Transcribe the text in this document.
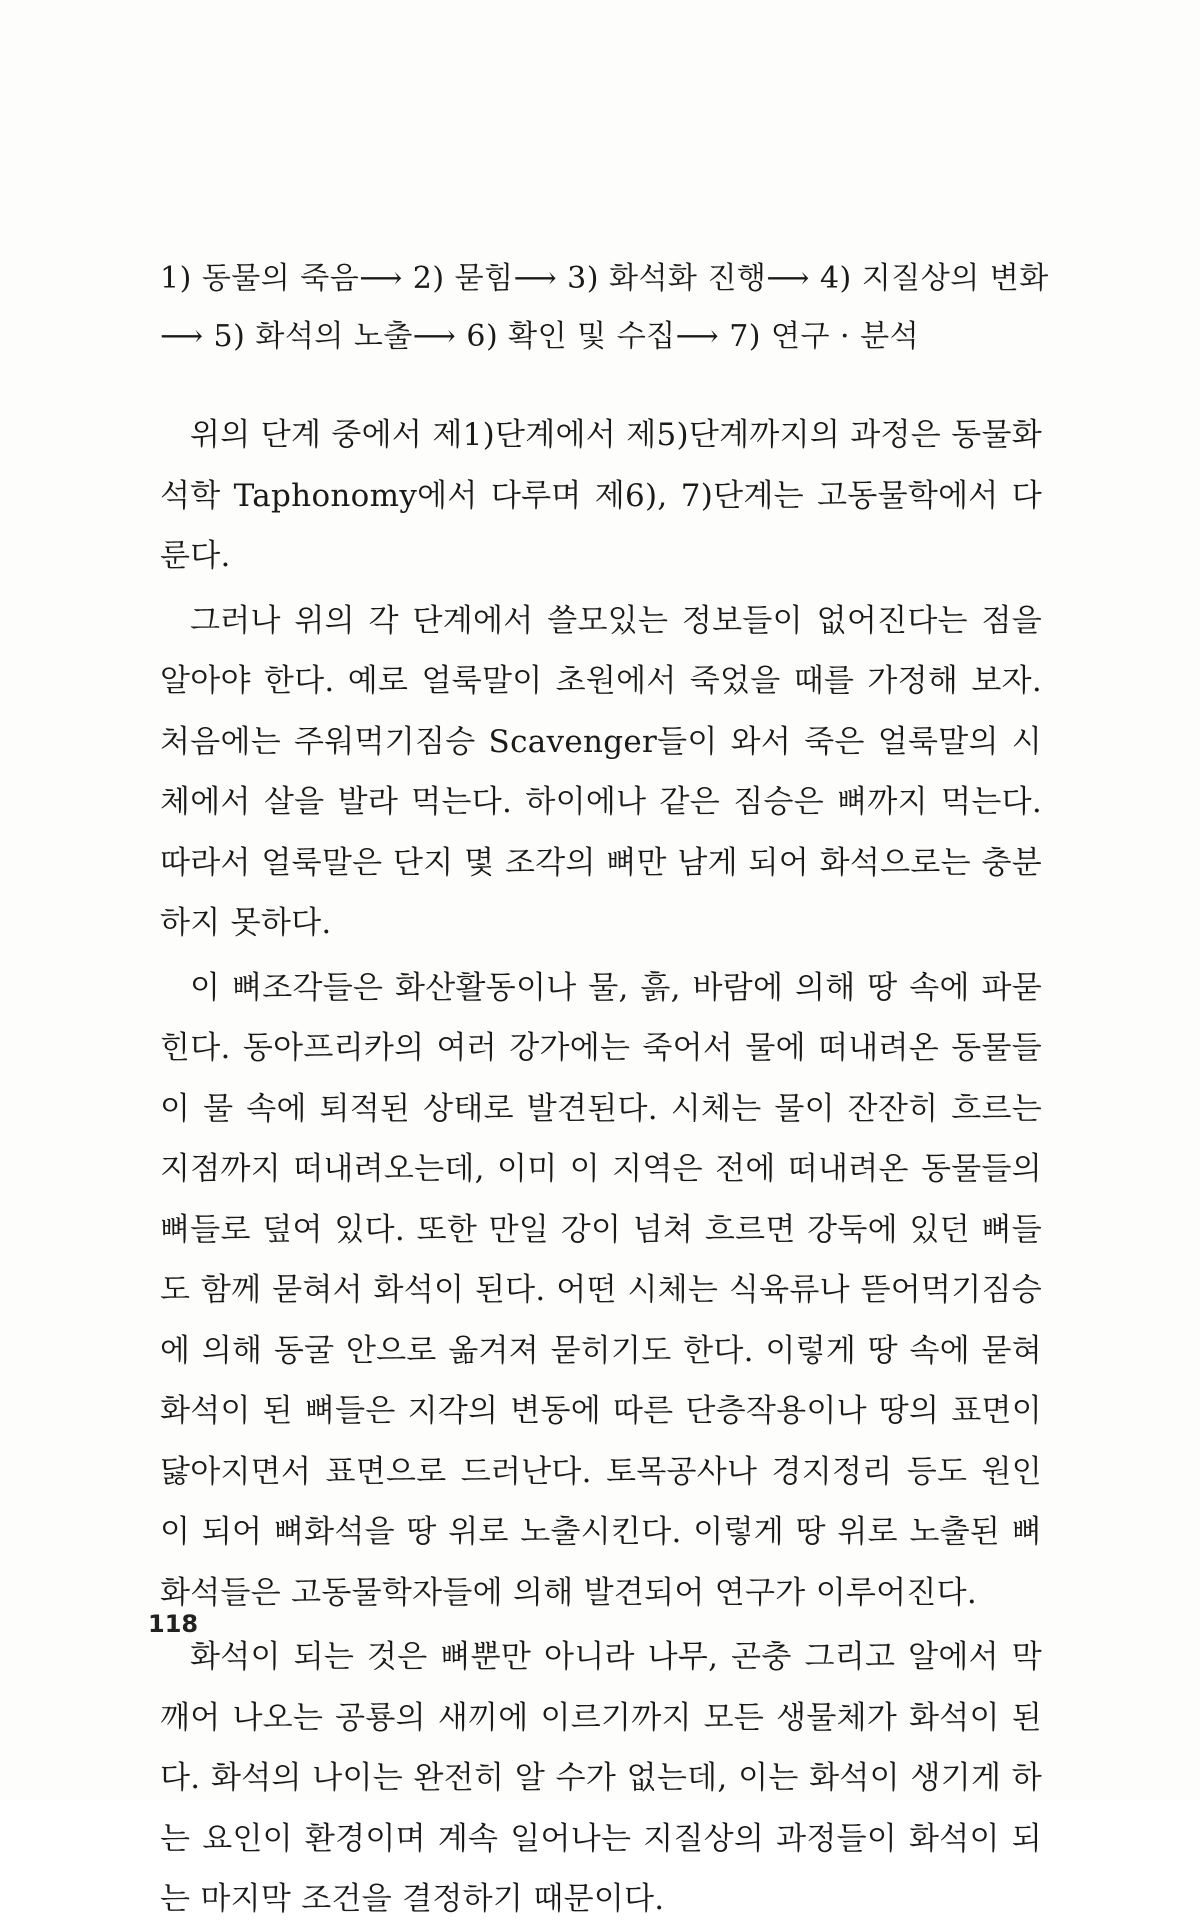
1) 동물의 죽음⟶ 2) 묻힘⟶ 3) 화석화 진행⟶ 4) 지질상의 변화
⟶ 5) 화석의 노출⟶ 6) 확인 및 수집⟶ 7) 연구 · 분석

위의 단계 중에서 제1)단계에서 제5)단계까지의 과정은 동물화석학 Taphonomy에서 다루며 제6), 7)단계는 고동물학에서 다룬다.

그러나 위의 각 단계에서 쓸모있는 정보들이 없어진다는 점을 알아야 한다. 예로 얼룩말이 초원에서 죽었을 때를 가정해 보자. 처음에는 주워먹기짐승 Scavenger들이 와서 죽은 얼룩말의 시체에서 살을 발라 먹는다. 하이에나 같은 짐승은 뼈까지 먹는다. 따라서 얼룩말은 단지 몇 조각의 뼈만 남게 되어 화석으로는 충분하지 못하다.

이 뼈조각들은 화산활동이나 물, 흙, 바람에 의해 땅 속에 파묻힌다. 동아프리카의 여러 강가에는 죽어서 물에 떠내려온 동물들이 물 속에 퇴적된 상태로 발견된다. 시체는 물이 잔잔히 흐르는 지점까지 떠내려오는데, 이미 이 지역은 전에 떠내려온 동물들의 뼈들로 덮여 있다. 또한 만일 강이 넘쳐 흐르면 강둑에 있던 뼈들도 함께 묻혀서 화석이 된다. 어떤 시체는 식육류나 뜯어먹기짐승에 의해 동굴 안으로 옮겨져 묻히기도 한다. 이렇게 땅 속에 묻혀 화석이 된 뼈들은 지각의 변동에 따른 단층작용이나 땅의 표면이 닳아지면서 표면으로 드러난다. 토목공사나 경지정리 등도 원인이 되어 뼈화석을 땅 위로 노출시킨다. 이렇게 땅 위로 노출된 뼈화석들은 고동물학자들에 의해 발견되어 연구가 이루어진다.

화석이 되는 것은 뼈뿐만 아니라 나무, 곤충 그리고 알에서 막 깨어 나오는 공룡의 새끼에 이르기까지 모든 생물체가 화석이 된다. 화석의 나이는 완전히 알 수가 없는데, 이는 화석이 생기게 하는 요인이 환경이며 계속 일어나는 지질상의 과정들이 화석이 되는 마지막 조건을 결정하기 때문이다.

118
